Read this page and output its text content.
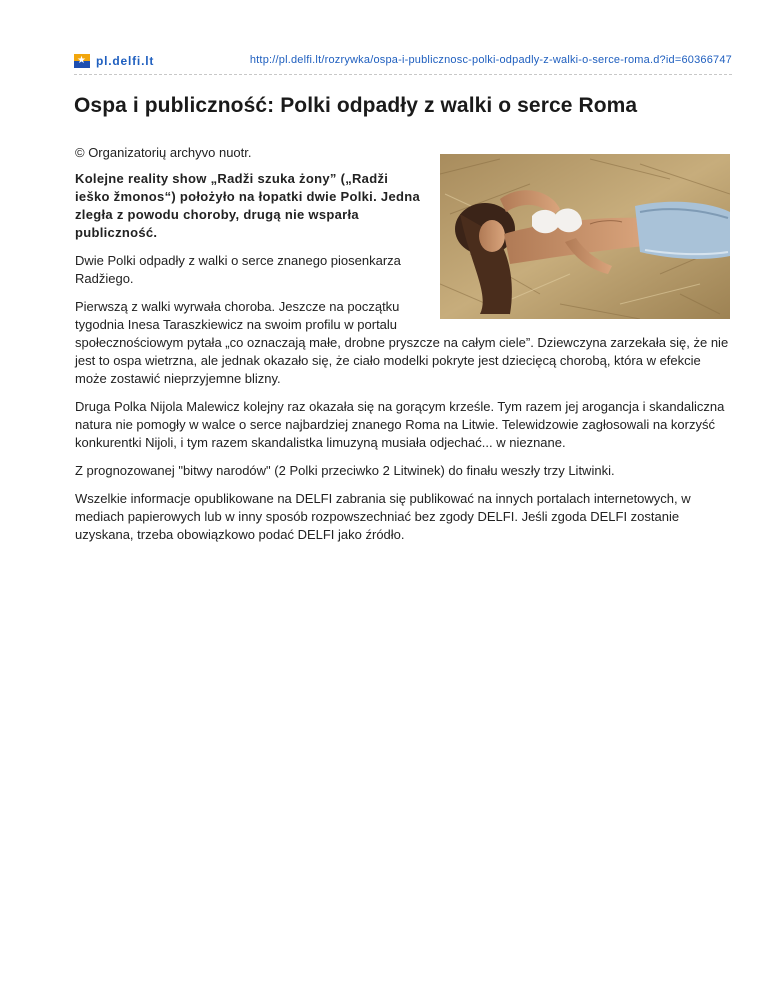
★ pl.delfi.lt	http://pl.delfi.lt/rozrywka/ospa-i-publicznosc-polki-odpadly-z-walki-o-serce-roma.d?id=60366747
Ospa i publiczność: Polki odpadły z walki o serce Roma

© Organizatorių archyvo nuotr.

Kolejne reality show „Radži szuka żony” („Radži ieško žmonos“) położyło na łopatki dwie Polki. Jedna zległa z powodu choroby, drugą nie wsparła publiczność.

Dwie Polki odpadły z walki o serce znanego piosenkarza Radžiego.

Pierwszą z walki wyrwała choroba. Jeszcze na początku tygodnia Inesa Taraszkiewicz na swoim profilu w portalu społecznościowym pytała „co oznaczają małe, drobne pryszcze na całym ciele”. Dziewczyna zarzekała się, że nie jest to ospa wietrzna, ale jednak okazało się, że ciało modelki pokryte jest dziecięcą chorobą, która w efekcie może zostawić nieprzyjemne blizny.

Druga Polka Nijola Malewicz kolejny raz okazała się na gorącym krześle. Tym razem jej arogancja i skandaliczna natura nie pomogły w walce o serce najbardziej znanego Roma na Litwie. Telewidzowie zagłosowali na korzyść konkurentki Nijoli, i tym razem skandalistka limuzyną musiała odjechać... w nieznane.

Z prognozowanej "bitwy narodów" (2 Polki przeciwko 2 Litwinek) do finału weszły trzy Litwinki.

Wszelkie informacje opublikowane na DELFI zabrania się publikować na innych portalach internetowych, w mediach papierowych lub w inny sposób rozpowszechniać bez zgody DELFI. Jeśli zgoda DELFI zostanie uzyskana, trzeba obowiązkowo podać DELFI jako źródło.
